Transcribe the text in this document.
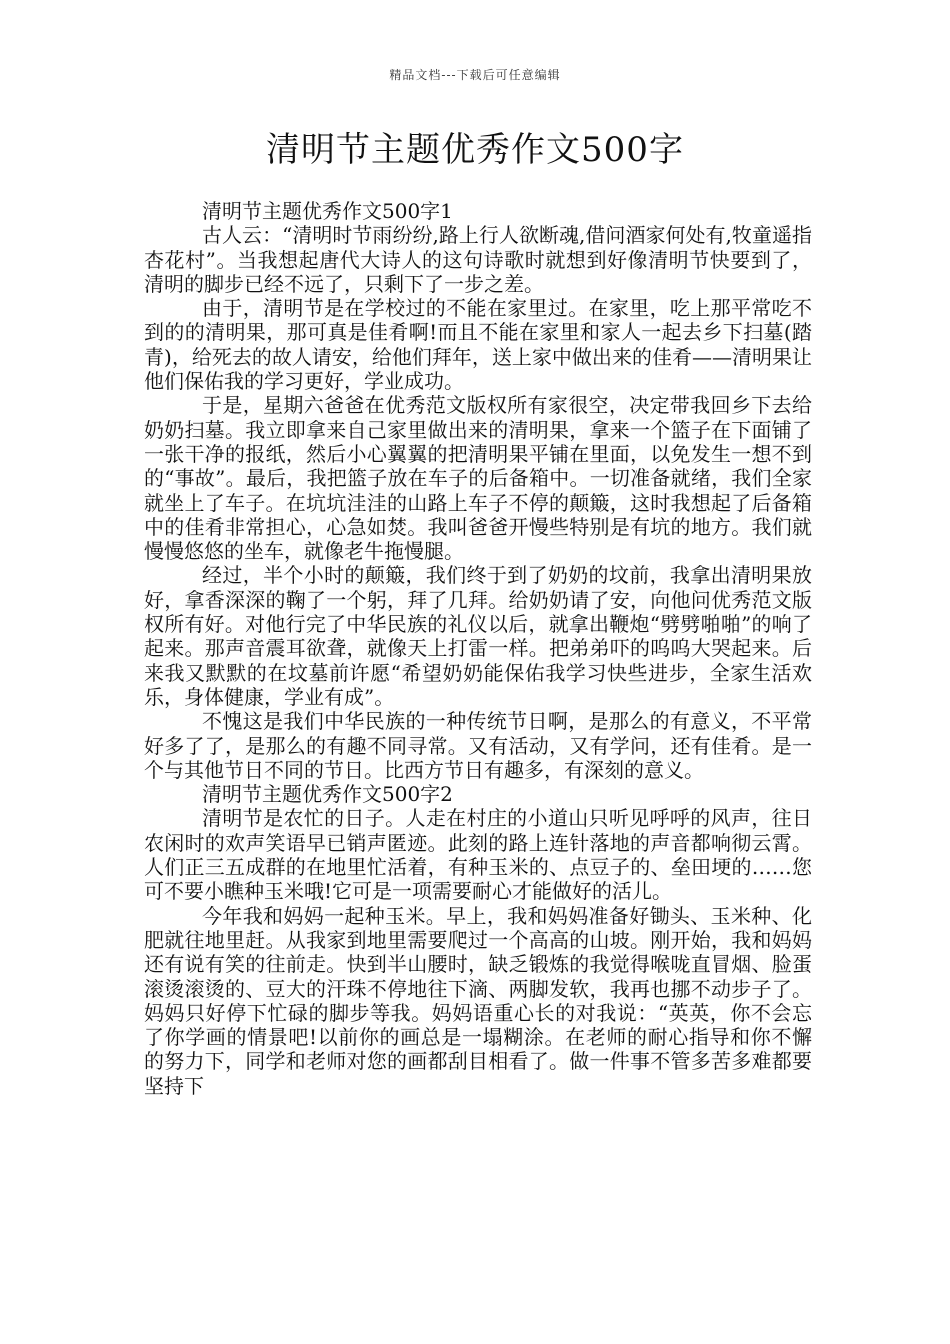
精品文档---下载后可任意编辑
清明节主题优秀作文500字

清明节主题优秀作文500字1

古人云：“清明时节雨纷纷,路上行人欲断魂,借问酒家何处有,牧童遥指杏花村”。当我想起唐代大诗人的这句诗歌时就想到好像清明节快要到了，清明的脚步已经不远了，只剩下了一步之差。

由于，清明节是在学校过的不能在家里过。在家里，吃上那平常吃不到的的清明果，那可真是佳肴啊!而且不能在家里和家人一起去乡下扫墓(踏青)，给死去的故人请安，给他们拜年，送上家中做出来的佳肴——清明果让他们保佑我的学习更好，学业成功。

于是，星期六爸爸在优秀范文版权所有家很空，决定带我回乡下去给奶奶扫墓。我立即拿来自己家里做出来的清明果，拿来一个篮子在下面铺了一张干净的报纸，然后小心翼翼的把清明果平铺在里面，以免发生一想不到的“事故”。最后，我把篮子放在车子的后备箱中。一切准备就绪，我们全家就坐上了车子。在坑坑洼洼的山路上车子不停的颠簸，这时我想起了后备箱中的佳肴非常担心，心急如焚。我叫爸爸开慢些特别是有坑的地方。我们就慢慢悠悠的坐车，就像老牛拖慢腿。

经过，半个小时的颠簸，我们终于到了奶奶的坟前，我拿出清明果放好，拿香深深的鞠了一个躬，拜了几拜。给奶奶请了安，向他问优秀范文版权所有好。对他行完了中华民族的礼仪以后，就拿出鞭炮“劈劈啪啪”的响了起来。那声音震耳欲聋，就像天上打雷一样。把弟弟吓的呜呜大哭起来。后来我又默默的在坟墓前许愿“希望奶奶能保佑我学习快些进步，全家生活欢乐，身体健康，学业有成”。

不愧这是我们中华民族的一种传统节日啊，是那么的有意义，不平常好多了了，是那么的有趣不同寻常。又有活动，又有学问，还有佳肴。是一个与其他节日不同的节日。比西方节日有趣多，有深刻的意义。

清明节主题优秀作文500字2

清明节是农忙的日子。人走在村庄的小道山只听见呼呼的风声，往日农闲时的欢声笑语早已销声匿迹。此刻的路上连针落地的声音都响彻云霄。人们正三五成群的在地里忙活着，有种玉米的、点豆子的、垒田埂的……您可不要小瞧种玉米哦!它可是一项需要耐心才能做好的活儿。

今年我和妈妈一起种玉米。早上，我和妈妈准备好锄头、玉米种、化肥就往地里赶。从我家到地里需要爬过一个高高的山坡。刚开始，我和妈妈还有说有笑的往前走。快到半山腰时，缺乏锻炼的我觉得喉咙直冒烟、脸蛋滚烫滚烫的、豆大的汗珠不停地往下滴、两脚发软，我再也挪不动步子了。妈妈只好停下忙碌的脚步等我。妈妈语重心长的对我说：“英英，你不会忘了你学画的情景吧!以前你的画总是一塌糊涂。在老师的耐心指导和你不懈的努力下，同学和老师对您的画都刮目相看了。做一件事不管多苦多难都要坚持下
